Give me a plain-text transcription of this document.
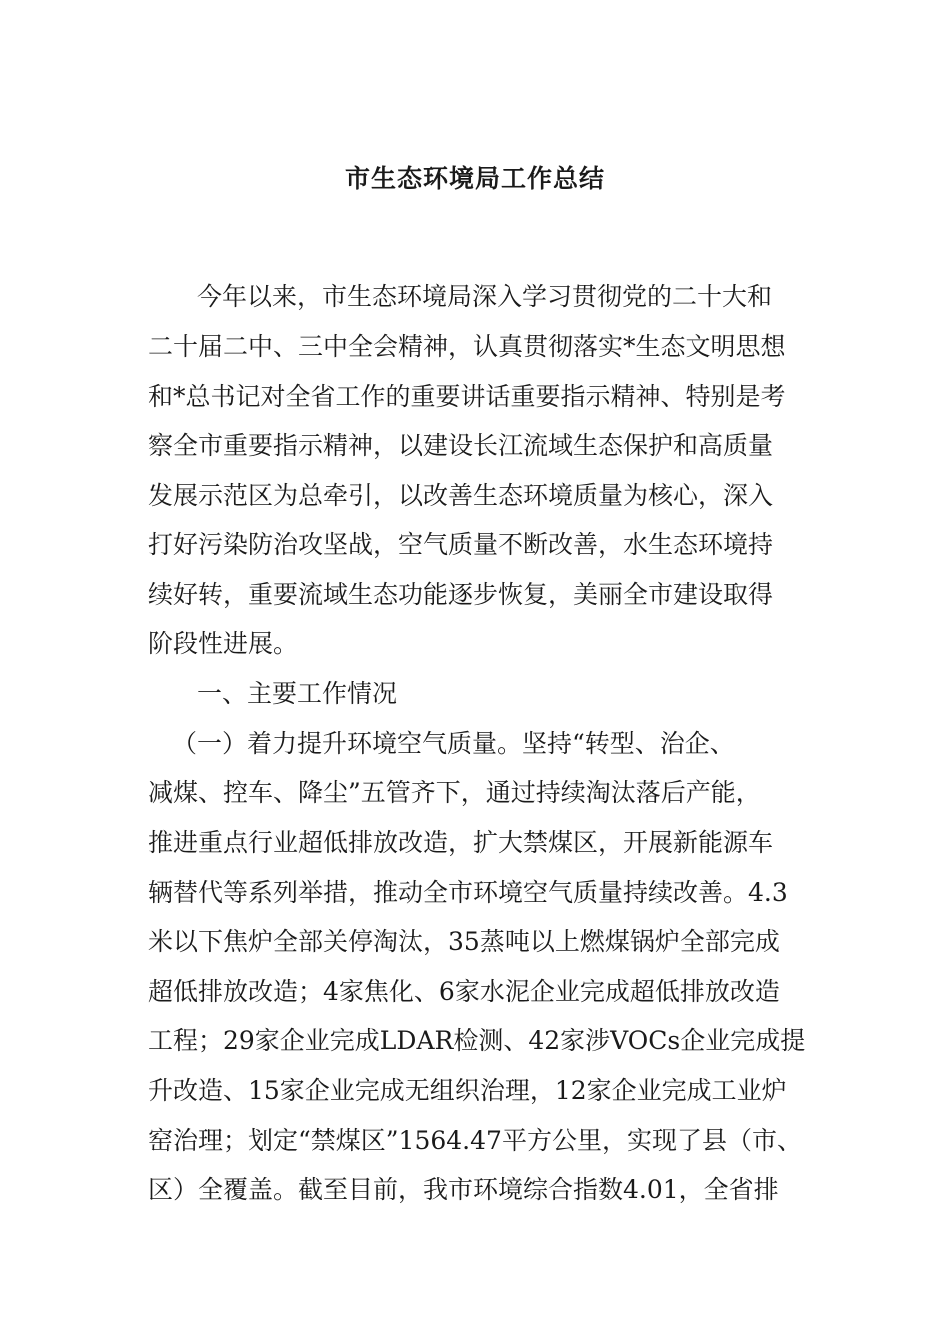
市生态环境局工作总结
今年以来，市生态环境局深入学习贯彻党的二十大和
二十届二中、三中全会精神，认真贯彻落实*生态文明思想
和*总书记对全省工作的重要讲话重要指示精神、特别是考
察全市重要指示精神，以建设长江流域生态保护和高质量
发展示范区为总牵引，以改善生态环境质量为核心，深入
打好污染防治攻坚战，空气质量不断改善，水生态环境持
续好转，重要流域生态功能逐步恢复，美丽全市建设取得
阶段性进展。
一、主要工作情况
（一）着力提升环境空气质量。坚持“转型、治企、
减煤、控车、降尘”五管齐下，通过持续淘汰落后产能，
推进重点行业超低排放改造，扩大禁煤区，开展新能源车
辆替代等系列举措，推动全市环境空气质量持续改善。4.3
米以下焦炉全部关停淘汰，35蒸吨以上燃煤锅炉全部完成
超低排放改造；4家焦化、6家水泥企业完成超低排放改造
工程；29家企业完成LDAR检测、42家涉VOCs企业完成提
升改造、15家企业完成无组织治理，12家企业完成工业炉
窑治理；划定“禁煤区”1564.47平方公里，实现了县（市、
区）全覆盖。截至目前，我市环境综合指数4.01，全省排
